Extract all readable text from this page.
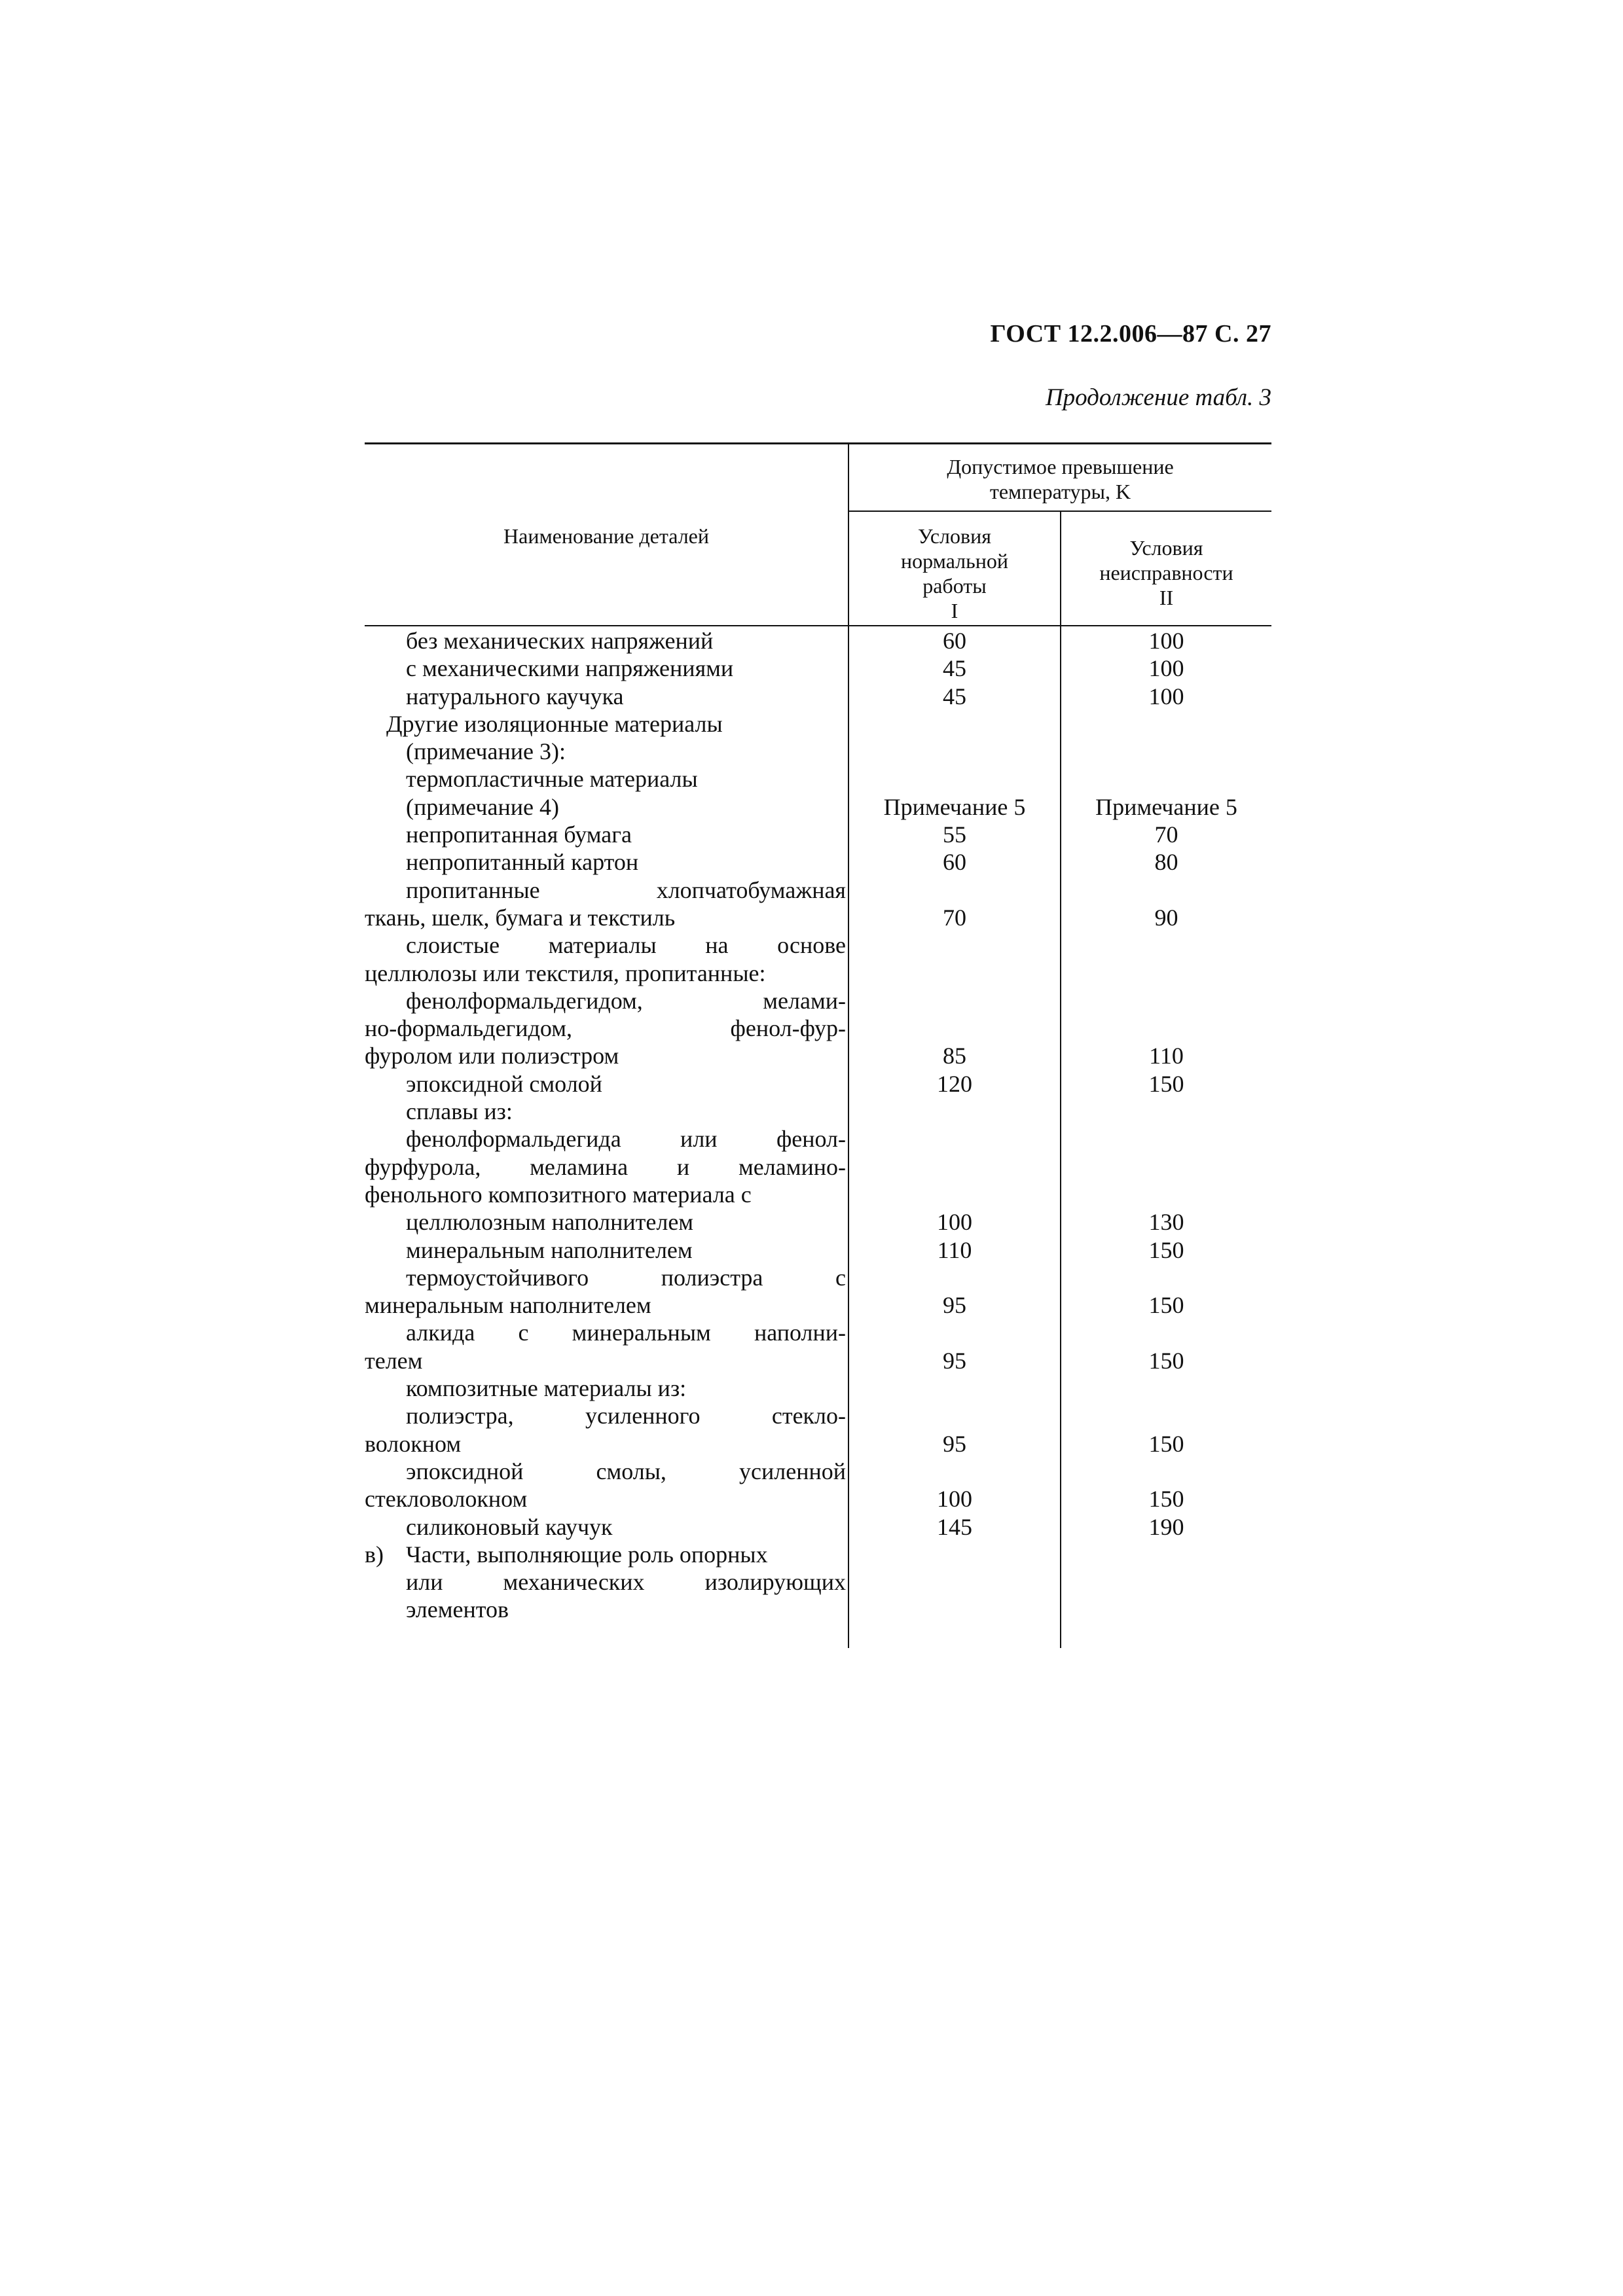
ГОСТ 12.2.006—87 С. 27
Продолжение табл. 3
Наименование деталей
Допустимое превышение
температуры, K
Условия
нормальной
работы
I
Условия
неисправности
II
без механических напряжений
с механическими напряжениями
натурального каучука
Другие изоляционные материалы
(примечание 3):
термопластичные материалы
(примечание 4)
непропитанная бумага
непропитанный картон
пропитанные хлопчатобумажная
ткань, шелк, бумага и текстиль
слоистые материалы на основе
целлюлозы или текстиля, пропитанные:
фенолформальдегидом, мелами-
но-формальдегидом, фенол-фур-
фуролом или полиэстром
эпоксидной смолой
сплавы из:
фенолформальдегида или фенол-
фурфурола, меламина и меламино-
фенольного композитного материала с
целлюлозным наполнителем
минеральным наполнителем
термоустойчивого полиэстра с
минеральным наполнителем
алкида с минеральным наполни-
телем
композитные материалы из:
полиэстра, усиленного стекло-
волокном
эпоксидной смолы, усиленной
стекловолокном
силиконовый каучук
в) Части, выполняющие роль опорных
или механических изолирующих
элементов
60
45
45
Примечание 5
55
60
70
85
120
100
110
95
95
95
100
145
100
100
100
Примечание 5
70
80
90
110
150
130
150
150
150
150
150
190
